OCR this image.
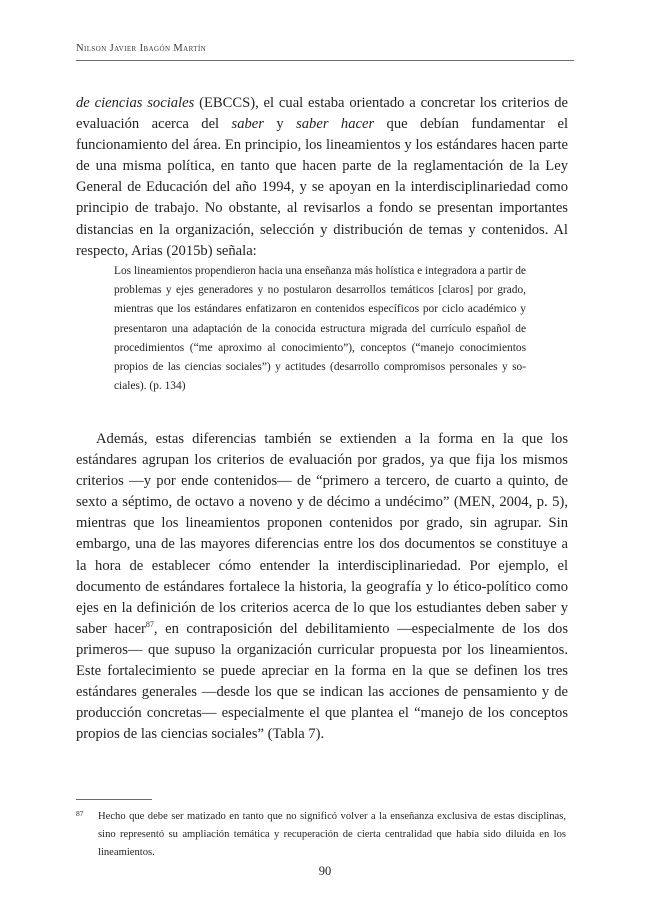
Nilson Javier Ibagón Martín

de ciencias sociales (EBCCS), el cual estaba orientado a concretar los criterios de evaluación acerca del saber y saber hacer que debían fundamentar el funcionamiento del área. En principio, los lineamientos y los estándares hacen parte de una misma política, en tanto que hacen parte de la reglamentación de la Ley General de Educación del año 1994, y se apoyan en la interdisciplinariedad como principio de trabajo. No obstante, al revisarlos a fondo se presentan importantes distancias en la organización, selección y distribución de temas y contenidos. Al respecto, Arias (2015b) señala:

Los lineamientos propendieron hacia una enseñanza más holística e integradora a partir de problemas y ejes generadores y no postularon desarrollos temáticos [claros] por grado, mientras que los estándares enfatizaron en contenidos específicos por ciclo académico y presentaron una adaptación de la conocida estructura migrada del currículo español de procedimientos (“me aproximo al conocimiento”), conceptos (“manejo conocimientos propios de las ciencias sociales”) y actitudes (desarrollo compromisos personales y sociales). (p. 134)

Además, estas diferencias también se extienden a la forma en la que los estándares agrupan los criterios de evaluación por grados, ya que fija los mismos criterios —y por ende contenidos— de “primero a tercero, de cuarto a quinto, de sexto a séptimo, de octavo a noveno y de décimo a undécimo” (MEN, 2004, p. 5), mientras que los lineamientos proponen contenidos por grado, sin agrupar. Sin embargo, una de las mayores diferencias entre los dos documentos se constituye a la hora de establecer cómo entender la interdisciplinariedad. Por ejemplo, el documento de estándares fortalece la historia, la geografía y lo ético-político como ejes en la definición de los criterios acerca de lo que los estudiantes deben saber y saber hacer$^{87}$, en contraposición del debilitamiento —especialmente de los dos primeros— que supuso la organización curricular propuesta por los lineamientos. Este fortalecimiento se puede apreciar en la forma en la que se definen los tres estándares generales —desde los que se indican las acciones de pensamiento y de producción concretas— especialmente el que plantea el “manejo de los conceptos propios de las ciencias sociales” (Tabla 7).

87 Hecho que debe ser matizado en tanto que no significó volver a la enseñanza exclusiva de estas disciplinas, sino representó su ampliación temática y recuperación de cierta centralidad que había sido diluida en los lineamientos.

90
